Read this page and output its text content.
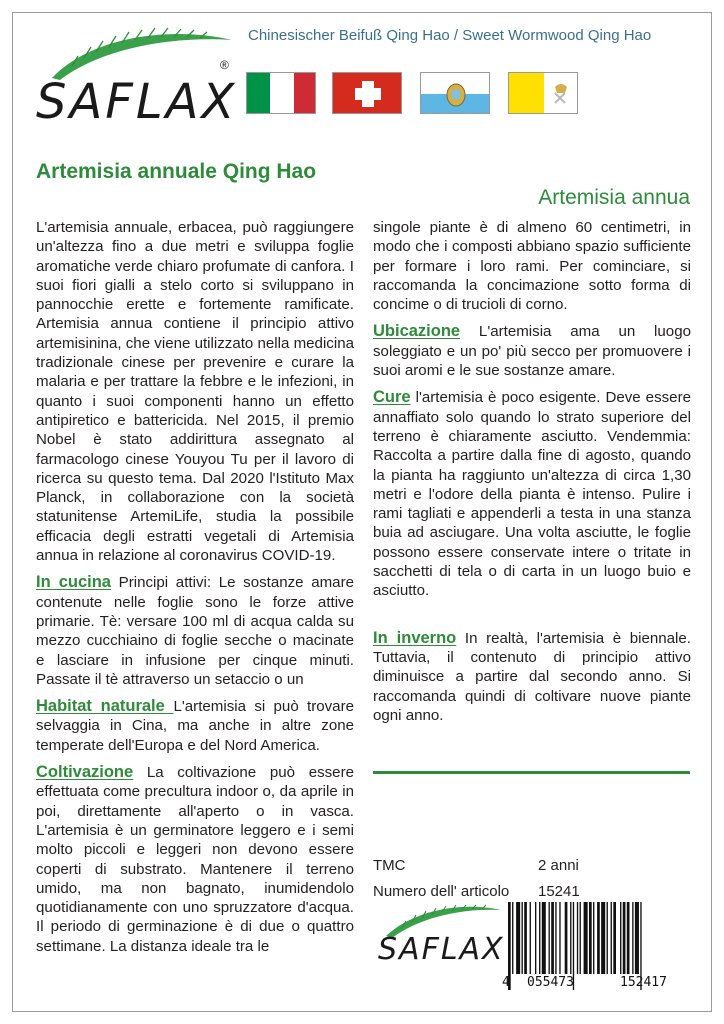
SAFLAX
®
Chinesischer Beifuß Qing Hao / Sweet Wormwood Qing Hao
Artemisia annuale Qing Hao
Artemisia annua

L'artemisia annuale, erbacea, può raggiungere un'altezza fino a due metri e sviluppa foglie aromatiche verde chiaro profumate di canfora. I suoi fiori gialli a stelo corto si sviluppano in pannocchie erette e fortemente ramificate. Artemisia annua contiene il principio attivo artemisinina, che viene utilizzato nella medicina tradizionale cinese per prevenire e curare la malaria e per trattare la febbre e le infezioni, in quanto i suoi componenti hanno un effetto antipiretico e battericida. Nel 2015, il premio Nobel è stato addirittura assegnato al farmacologo cinese Youyou Tu per il lavoro di ricerca su questo tema. Dal 2020 l'Istituto Max Planck, in collaborazione con la società statunitense ArtemiLife, studia la possibile efficacia degli estratti vegetali di Artemisia annua in relazione al coronavirus COVID-19.

In cucina Principi attivi: Le sostanze amare contenute nelle foglie sono le forze attive primarie. Tè: versare 100 ml di acqua calda su mezzo cucchiaino di foglie secche o macinate e lasciare in infusione per cinque minuti. Passate il tè attraverso un setaccio o un

Habitat naturale L'artemisia si può trovare selvaggia in Cina, ma anche in altre zone temperate dell'Europa e del Nord America.

Coltivazione La coltivazione può essere effettuata come precultura indoor o, da aprile in poi, direttamente all'aperto o in vasca. L'artemisia è un germinatore leggero e i semi molto piccoli e leggeri non devono essere coperti di substrato. Mantenere il terreno umido, ma non bagnato, inumidendolo quotidianamente con uno spruzzatore d'acqua. Il periodo di germinazione è di due o quattro settimane. La distanza ideale tra le

singole piante è di almeno 60 centimetri, in modo che i composti abbiano spazio sufficiente per formare i loro rami. Per cominciare, si raccomanda la concimazione sotto forma di concime o di trucioli di corno.

Ubicazione L'artemisia ama un luogo soleggiato e un po' più secco per promuovere i suoi aromi e le sue sostanze amare.

Cure l'artemisia è poco esigente. Deve essere annaffiato solo quando lo strato superiore del terreno è chiaramente asciutto. Vendemmia: Raccolta a partire dalla fine di agosto, quando la pianta ha raggiunto un'altezza di circa 1,30 metri e l'odore della pianta è intenso. Pulire i rami tagliati e appenderli a testa in una stanza buia ad asciugare. Una volta asciutte, le foglie possono essere conservate intere o tritate in sacchetti di tela o di carta in un luogo buio e asciutto.

In inverno In realtà, l'artemisia è biennale. Tuttavia, il contenuto di principio attivo diminuisce a partire dal secondo anno. Si raccomanda quindi di coltivare nuove piante ogni anno.

TMC	2 anni
Numero dell' articolo 15241
SAFLAX
4 055473	152417
